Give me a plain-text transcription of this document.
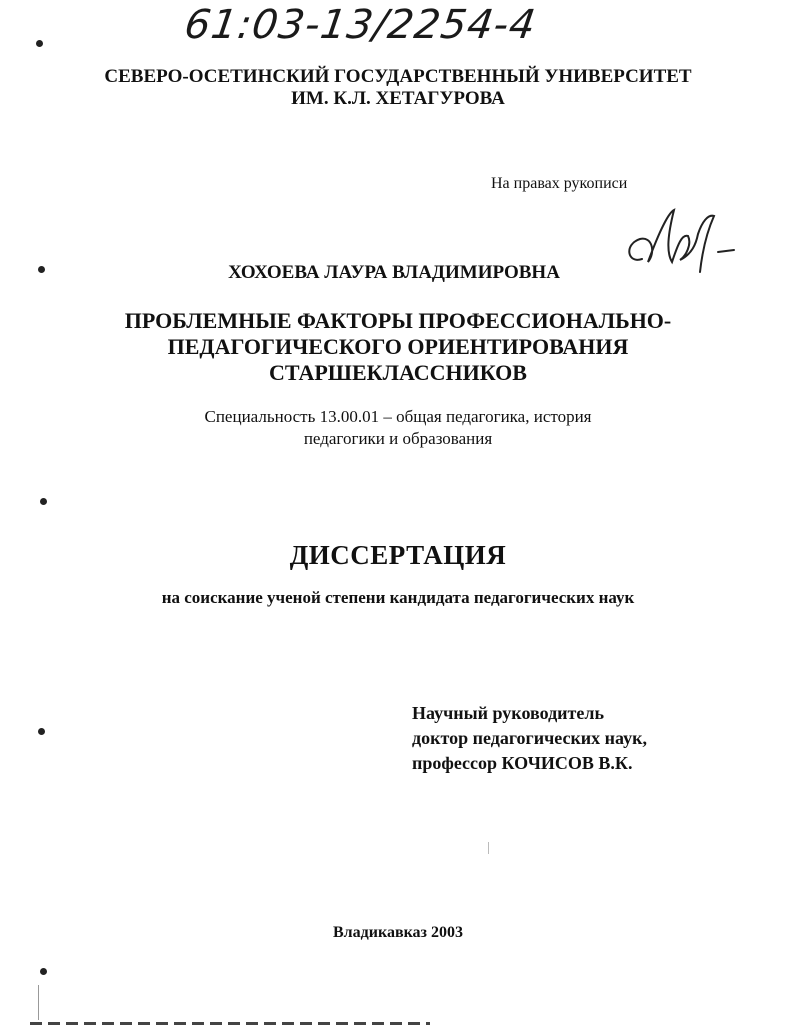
61:03-13/2254-4
СЕВЕРО-ОСЕТИНСКИЙ ГОСУДАРСТВЕННЫЙ УНИВЕРСИТЕТ
ИМ. К.Л. ХЕТАГУРОВА
На правах рукописи
ХОХОЕВА ЛАУРА ВЛАДИМИРОВНА
ПРОБЛЕМНЫЕ ФАКТОРЫ ПРОФЕССИОНАЛЬНО-
ПЕДАГОГИЧЕСКОГО ОРИЕНТИРОВАНИЯ
СТАРШЕКЛАССНИКОВ
Специальность 13.00.01 – общая педагогика, история
педагогики и образования
ДИССЕРТАЦИЯ
на соискание ученой степени кандидата педагогических наук
Научный руководитель
доктор педагогических наук,
профессор КОЧИСОВ В.К.
Владикавказ 2003
